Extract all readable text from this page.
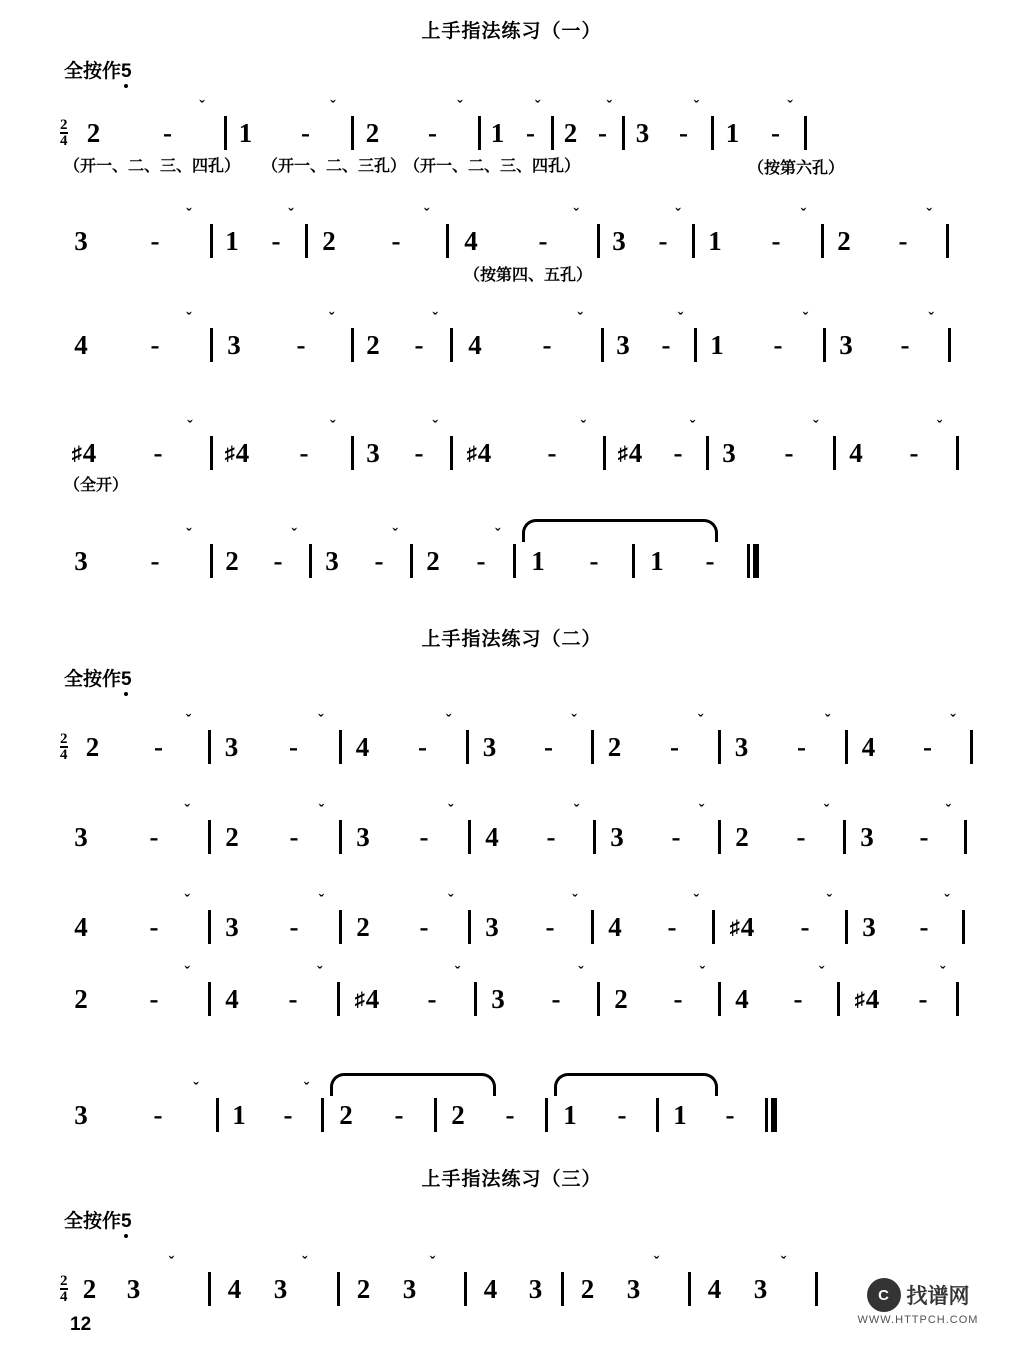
上手指法练习（一）
全按作5
2
4 2
ˇ
-	1
ˇ
-	2
ˇ
-	1
ˇ
-	2
ˇ
-	3
ˇ
-	1
ˇ
-
（开一、二、三、四孔） （开一、二、三孔）
（开一、二、三、四孔）	（按第六孔）
3
ˇ
-	1
ˇ
-	2
ˇ
-	4
ˇ
-	3
ˇ
-	1
ˇ
-	2
ˇ
-
（按第四、五孔）
4
ˇ
-	3
ˇ
-	2
ˇ
-	4
ˇ
-	3
ˇ
-	1
ˇ
-	3
ˇ
-
♯4
ˇ
-	♯4
ˇ
-	3
ˇ
-	♯4
ˇ
-	♯4
ˇ
-	3
ˇ
-	4
ˇ
-
（全开）
3
ˇ
-	2
ˇ
-	3
ˇ
-	2
ˇ
-	1	-	1	-
上手指法练习（二）
全按作5
2
4 2
ˇ
-	3
ˇ
-	4
ˇ
-	3
ˇ
-	2
ˇ
-	3
ˇ
-	4
ˇ
-
3
ˇ
-	2
ˇ
-	3
ˇ
-	4
ˇ
-	3
ˇ
-	2
ˇ
-	3
ˇ
-
4
ˇ
-	3
ˇ
-	2
ˇ
-	3
ˇ
-	4
ˇ
-	♯4
ˇ
-	3
ˇ
-
2
ˇ
-	4
ˇ
-	♯4
ˇ
-	3
ˇ
-	2
ˇ
-	4
ˇ
-	♯4
ˇ
-
3
ˇ
-	1
ˇ
-	2	-	2	-	1	-	1	-
上手指法练习（三）
全按作5
2
4 2
ˇ
3	4
ˇ
3	2
ˇ
3	4	3	2
ˇ
3	4
ˇ
3
12
C 找谱网
WWW.HTTPCH.COM
